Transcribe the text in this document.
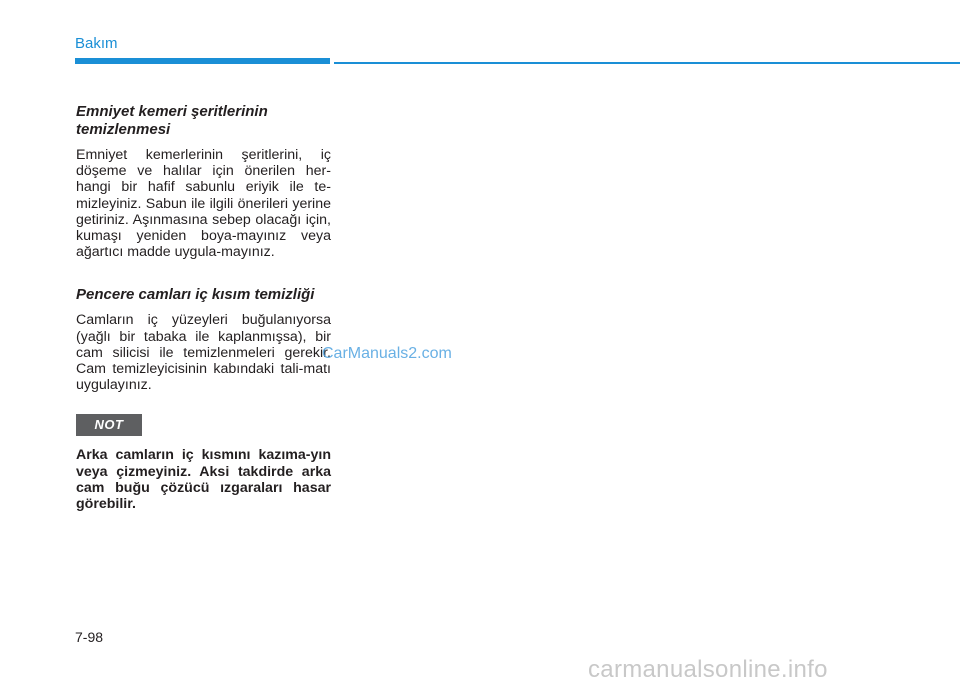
Bakım
Emniyet kemeri şeritlerinin temizlenmesi

Emniyet kemerlerinin şeritlerini, iç döşeme ve halılar için önerilen her-hangi bir hafif sabunlu eriyik ile te-mizleyiniz. Sabun ile ilgili önerileri yerine getiriniz. Aşınmasına sebep olacağı için, kumaşı yeniden boya-mayınız veya ağartıcı madde uygula-mayınız.

Pencere camları iç kısım temizliği

Camların iç yüzeyleri buğulanıyorsa (yağlı bir tabaka ile kaplanmışsa), bir cam silicisi ile temizlenmeleri gerekir. Cam temizleyicisinin kabındaki tali-matı uygulayınız.

NOT
Arka camların iç kısmını kazıma-yın veya çizmeyiniz. Aksi takdirde arka cam buğu çözücü ızgaraları hasar görebilir.
CarManuals2.com
7-98
carmanualsonline.info
